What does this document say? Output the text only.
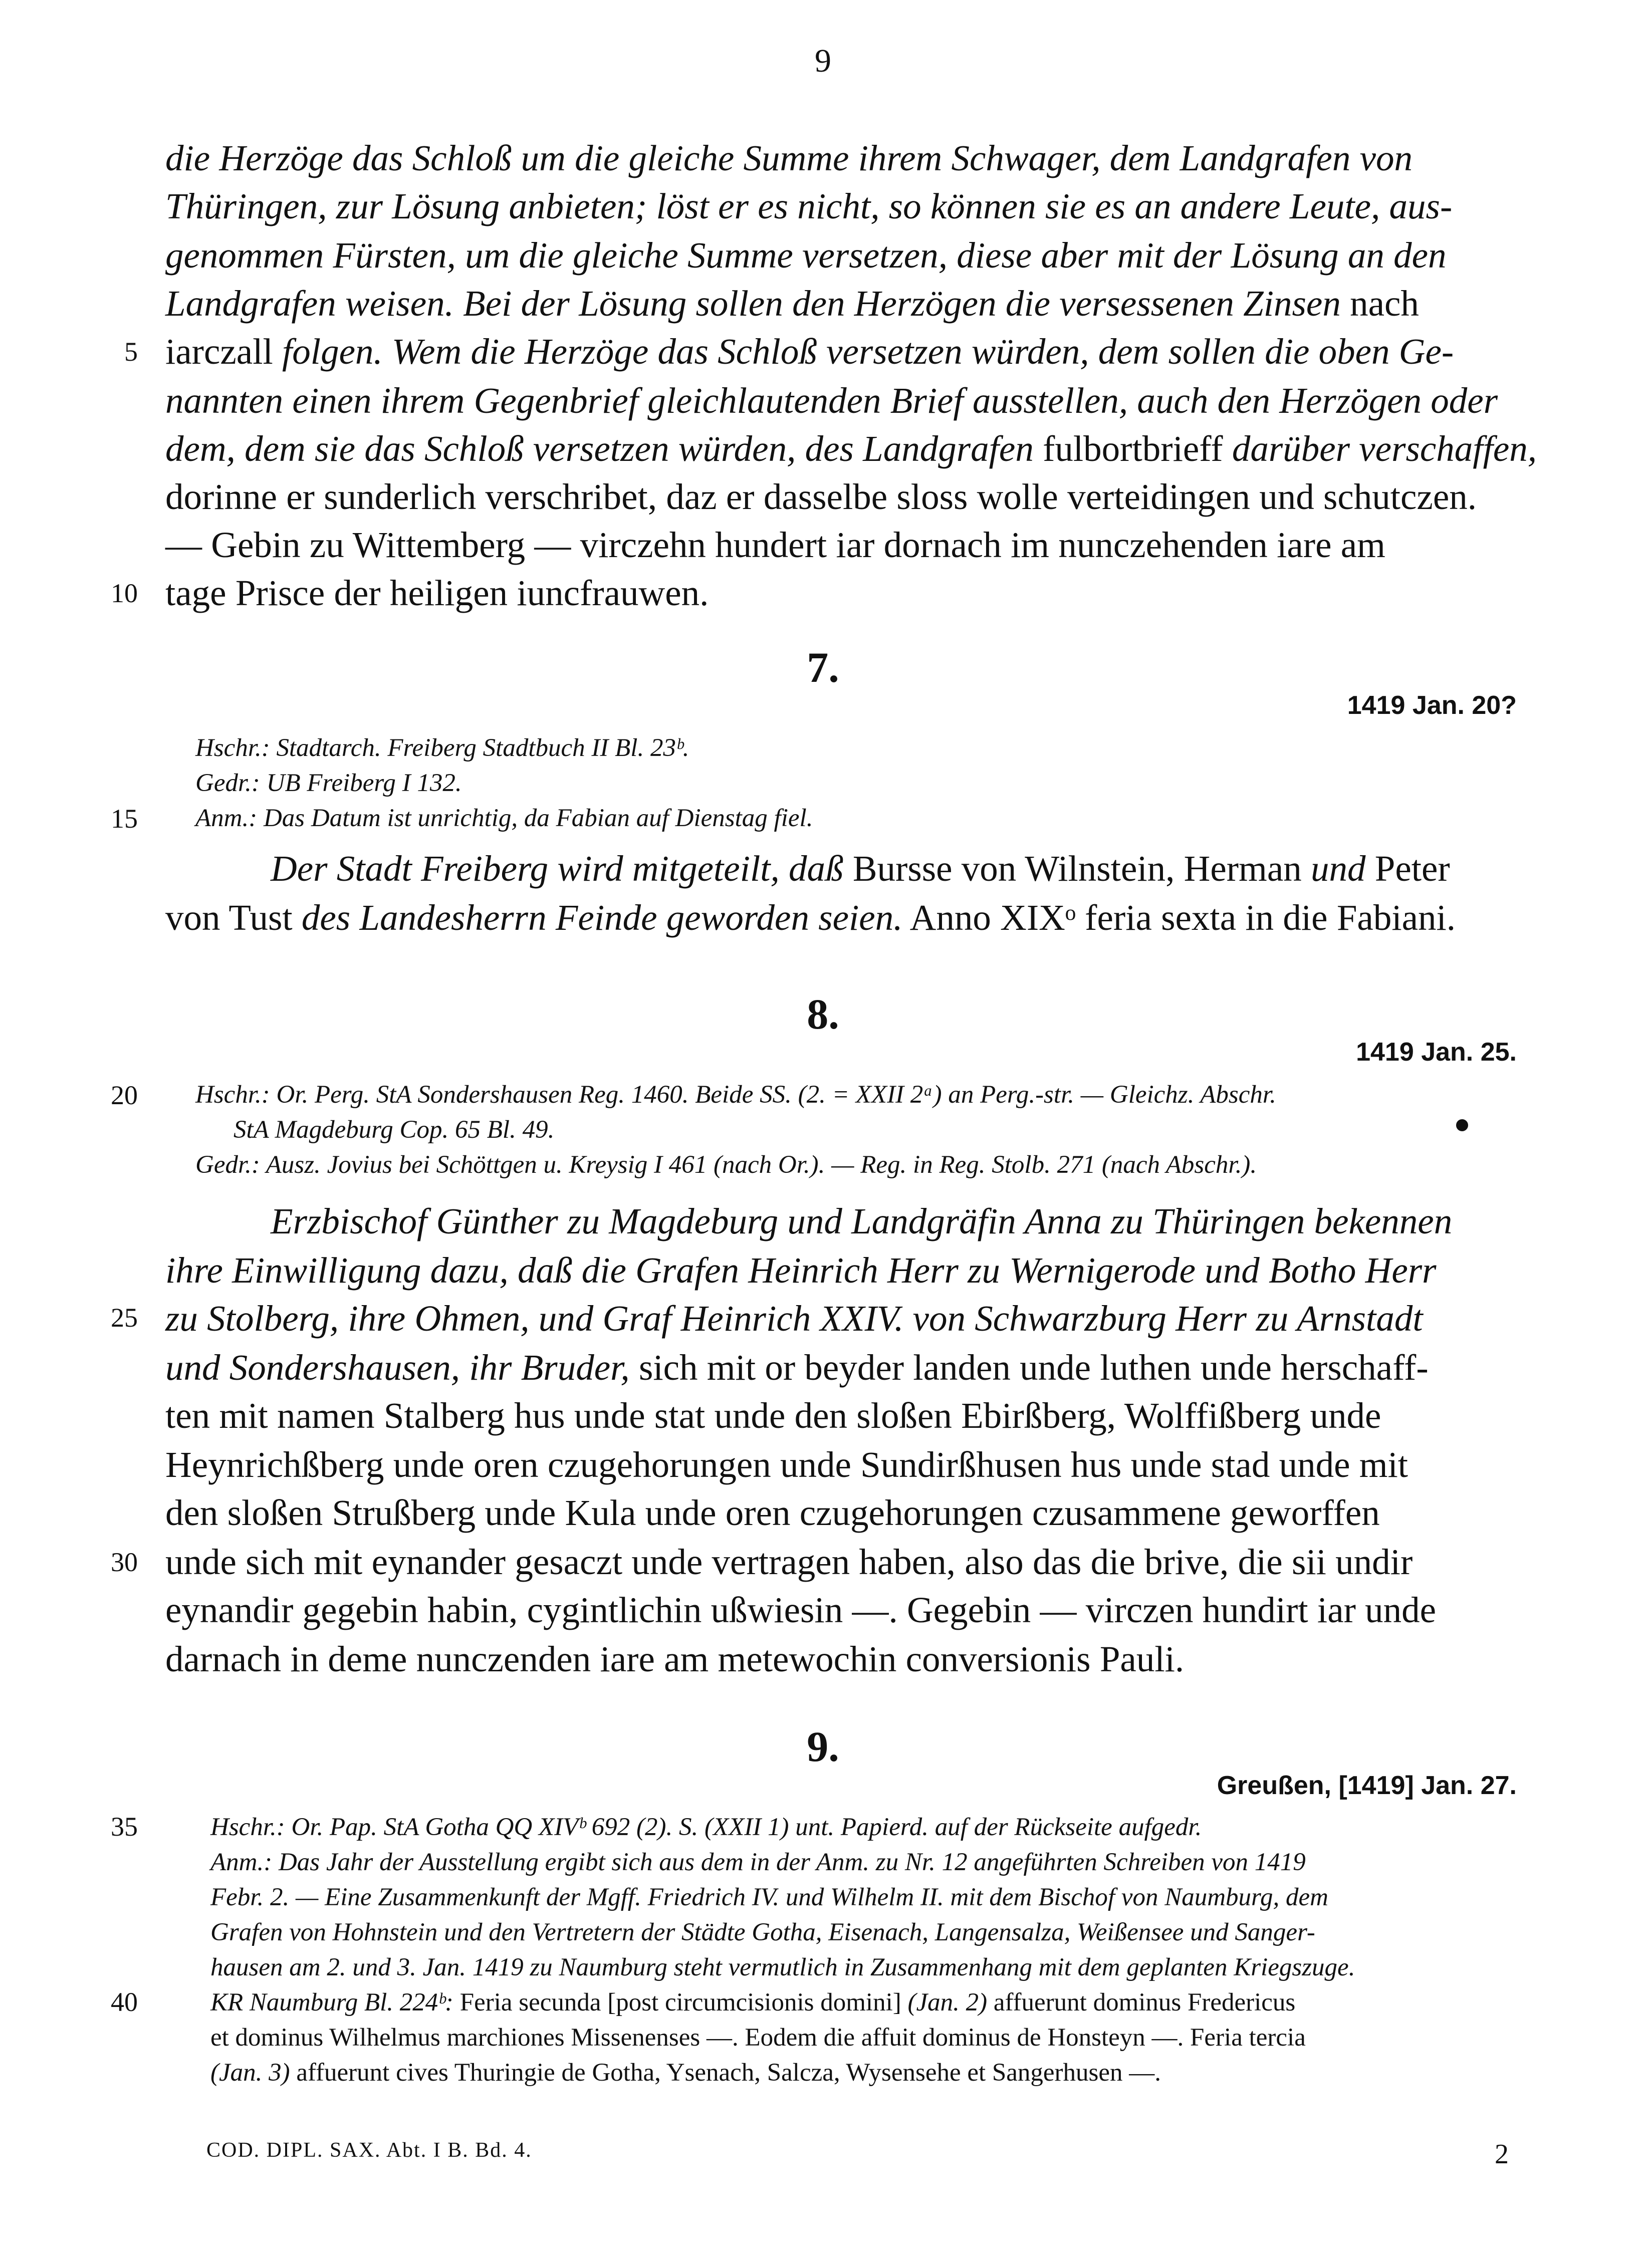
9
die Herzöge das Schloß um die gleiche Summe ihrem Schwager, dem Landgrafen von
Thüringen, zur Lösung anbieten; löst er es nicht, so können sie es an andere Leute, aus-
genommen Fürsten, um die gleiche Summe versetzen, diese aber mit der Lösung an den
Landgrafen weisen. Bei der Lösung sollen den Herzögen die versessenen Zinsen nach
iarczall folgen. Wem die Herzöge das Schloß versetzen würden, dem sollen die oben Ge-
nannten einen ihrem Gegenbrief gleichlautenden Brief ausstellen, auch den Herzögen oder
dem, dem sie das Schloß versetzen würden, des Landgrafen fulbortbrieff darüber verschaffen,
dorinne er sunderlich verschribet, daz er dasselbe sloss wolle verteidingen und schutczen.
— Gebin zu Wittemberg — virczehn hundert iar dornach im nunczehenden iare am
tage Prisce der heiligen iuncfrauwen.
7.
1419 Jan. 20?
Hschr.: Stadtarch. Freiberg Stadtbuch II Bl. 23ᵇ.
Gedr.: UB Freiberg I 132.
Anm.: Das Datum ist unrichtig, da Fabian auf Dienstag fiel.
Der Stadt Freiberg wird mitgeteilt, daß Bursse von Wilnstein, Herman und Peter
von Tust des Landesherrn Feinde geworden seien. Anno XIXᵒ feria sexta in die Fabiani.
8.
1419 Jan. 25.
Hschr.: Or. Perg. StA Sondershausen Reg. 1460. Beide SS. (2. = XXII 2ᵃ) an Perg.-str. — Gleichz. Abschr.
StA Magdeburg Cop. 65 Bl. 49.
Gedr.: Ausz. Jovius bei Schöttgen u. Kreysig I 461 (nach Or.). — Reg. in Reg. Stolb. 271 (nach Abschr.).
Erzbischof Günther zu Magdeburg und Landgräfin Anna zu Thüringen bekennen
ihre Einwilligung dazu, daß die Grafen Heinrich Herr zu Wernigerode und Botho Herr
zu Stolberg, ihre Ohmen, und Graf Heinrich XXIV. von Schwarzburg Herr zu Arnstadt
und Sondershausen, ihr Bruder, sich mit or beyder landen unde luthen unde herschaff-
ten mit namen Stalberg hus unde stat unde den sloßen Ebirßberg, Wolffißberg unde
Heynrichßberg unde oren czugehorungen unde Sundirßhusen hus unde stad unde mit
den sloßen Strußberg unde Kula unde oren czugehorungen czusammene geworffen
unde sich mit eynander gesaczt unde vertragen haben, also das die brive, die sii undir
eynandir gegebin habin, cygintlichin ußwiesin —. Gegebin — virczen hundirt iar unde
darnach in deme nunczenden iare am metewochin conversionis Pauli.
9.
Greußen, [1419] Jan. 27.
Hschr.: Or. Pap. StA Gotha QQ XIVᵇ 692 (2). S. (XXII 1) unt. Papierd. auf der Rückseite aufgedr.
Anm.: Das Jahr der Ausstellung ergibt sich aus dem in der Anm. zu Nr. 12 angeführten Schreiben von 1419
Febr. 2. — Eine Zusammenkunft der Mgff. Friedrich IV. und Wilhelm II. mit dem Bischof von Naumburg, dem
Grafen von Hohnstein und den Vertretern der Städte Gotha, Eisenach, Langensalza, Weißensee und Sanger-
hausen am 2. und 3. Jan. 1419 zu Naumburg steht vermutlich in Zusammenhang mit dem geplanten Kriegszuge.
KR Naumburg Bl. 224ᵇ: Feria secunda [post circumcisionis domini] (Jan. 2) affuerunt dominus Fredericus
et dominus Wilhelmus marchiones Missenenses —. Eodem die affuit dominus de Honsteyn —. Feria tercia
(Jan. 3) affuerunt cives Thuringie de Gotha, Ysenach, Salcza, Wysensehe et Sangerhusen —.
5
10
15
20
25
30
35
40
COD. DIPL. SAX. Abt. I B. Bd. 4.	2
